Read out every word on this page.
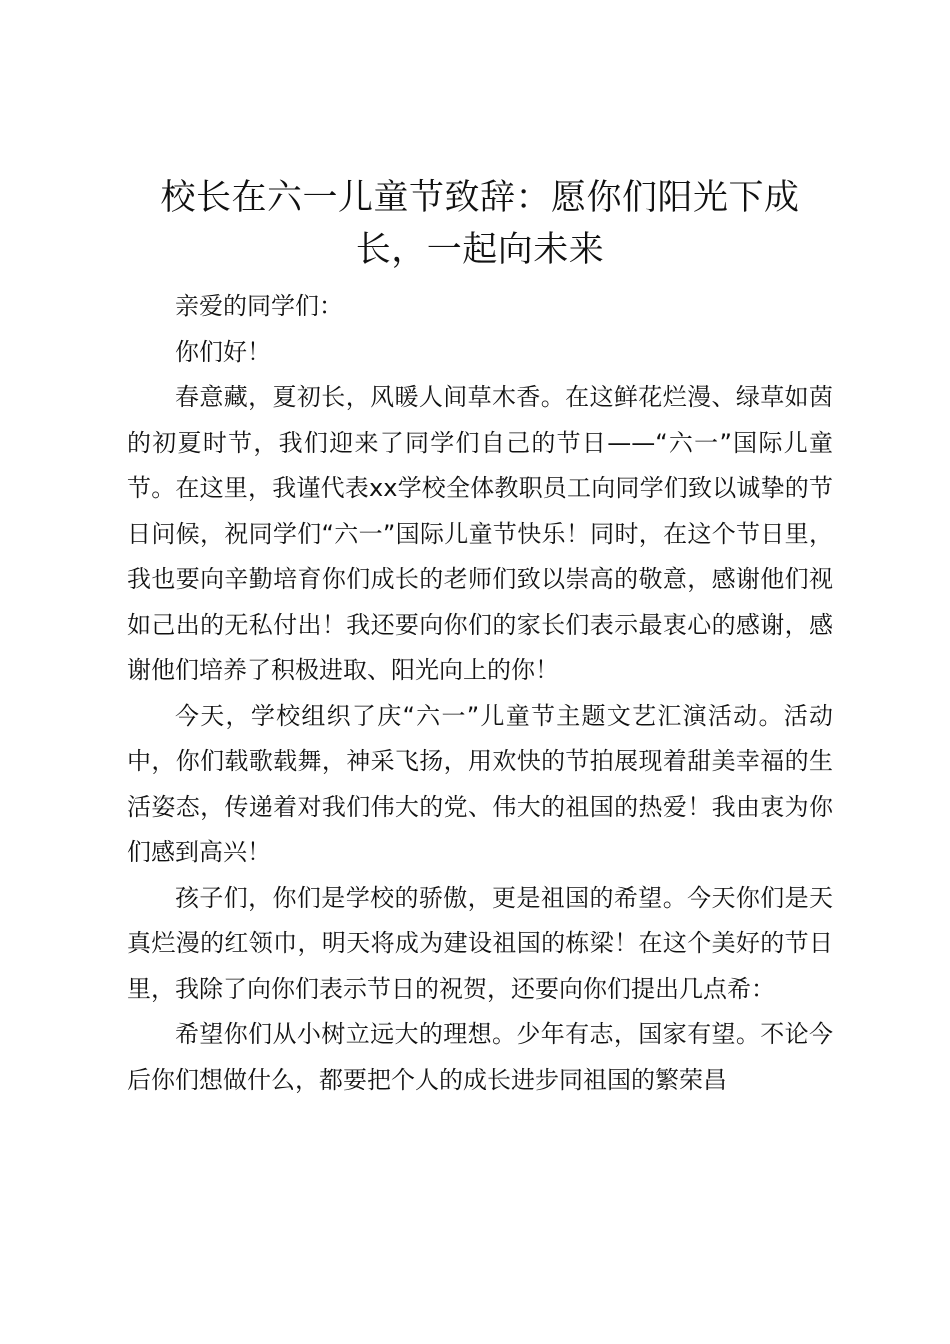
校长在六一儿童节致辞：愿你们阳光下成长，一起向未来

亲爱的同学们：

你们好！

春意藏，夏初长，风暖人间草木香。在这鲜花烂漫、绿草如茵的初夏时节，我们迎来了同学们自己的节日——“六一”国际儿童节。在这里，我谨代表xx学校全体教职员工向同学们致以诚挚的节日问候，祝同学们“六一”国际儿童节快乐！同时，在这个节日里，我也要向辛勤培育你们成长的老师们致以崇高的敬意，感谢他们视如己出的无私付出！我还要向你们的家长们表示最衷心的感谢，感谢他们培养了积极进取、阳光向上的你！

今天，学校组织了庆“六一”儿童节主题文艺汇演活动。活动中，你们载歌载舞，神采飞扬，用欢快的节拍展现着甜美幸福的生活姿态，传递着对我们伟大的党、伟大的祖国的热爱！我由衷为你们感到高兴！

孩子们，你们是学校的骄傲，更是祖国的希望。今天你们是天真烂漫的红领巾，明天将成为建设祖国的栋梁！在这个美好的节日里，我除了向你们表示节日的祝贺，还要向你们提出几点希：

希望你们从小树立远大的理想。少年有志，国家有望。不论今后你们想做什么，都要把个人的成长进步同祖国的繁荣昌
